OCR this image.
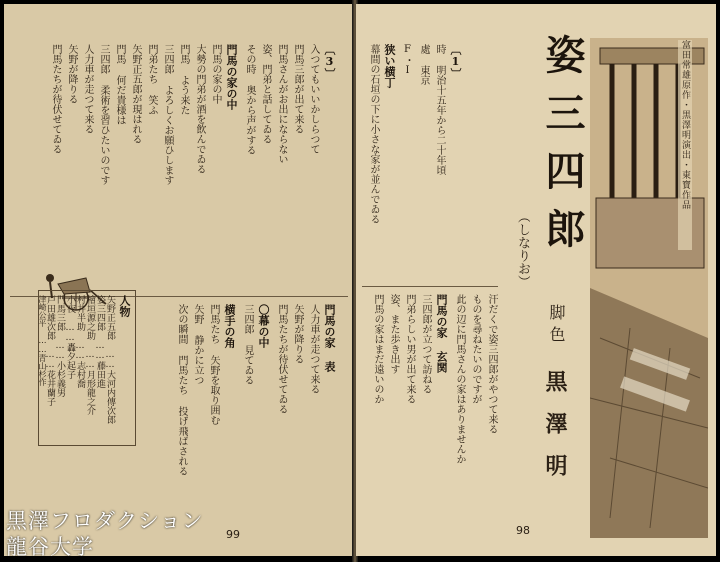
〔3〕
入つてもいいかしらつて
門馬三郎が出て来る
門馬さんがお出にならない
姿、門弟と話してゐる
その時 奥から声がする
門馬の家の中
門馬の家の中
大勢の門弟が酒を飲んでゐる
門馬 よう来た
三四郎 よろしくお願ひします
門弟たち 笑ふ
矢野正五郎が現はれる
門馬 何だ貴様は
三四郎 柔術を習ひたいのです
人力車が走つて来る
矢野が降りる
門馬たちが待伏せてゐる
門馬の家 表
人力車が走つて来る
矢野が降りる
門馬たちが待伏せてゐる
〇幕の中
三四郎 見てゐる
横手の角
門馬たち 矢野を取り囲む
矢野 静かに立つ
次の瞬間 門馬たち 投げ飛ばされる
人物
矢野正五郎 ……大河内傳次郎
姿三四郎 ……藤田進
檜垣源之助 ……月形龍之介
村井半助 ……志村喬
小夜 ……轟夕起子
門馬三郎 ……小杉義男
戸田雄次郎 ……花井蘭子
津崎公平 ……青山杉作
99
富田常雄原作・黒澤明演出・東寶作品
姿三四郎
（しなりお）
脚色
黒澤明
〔1〕
時 明治十五年から二十年頃
處 東京
F・I
狭い横丁
幕間の石垣の下に小さな家が並んでゐる
汗だくで姿三四郎がやつて来る
ものを尋ねたいのですが
此の辺に門馬さんの家はありませんか
門馬の家 玄関
三四郎が立つて訪ねる
門弟らしい男が出て来る
姿、また歩き出す
門馬の家はまだ遠いのか
98
黒澤フロダクション
龍谷大学
